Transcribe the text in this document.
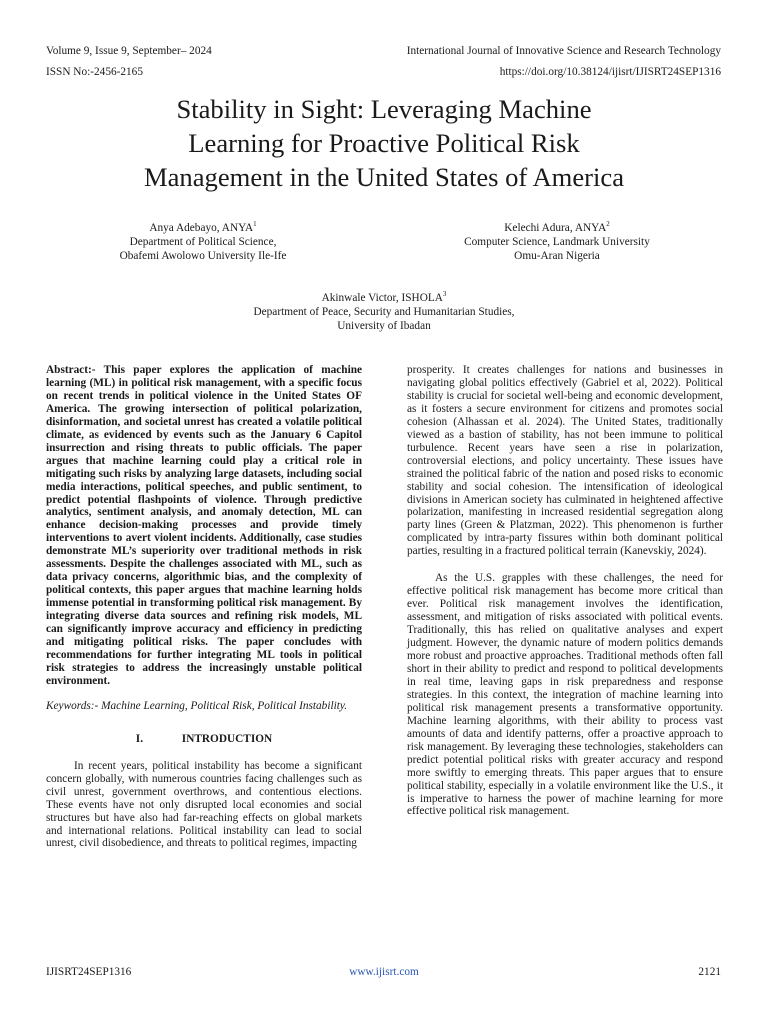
Volume 9, Issue 9, September– 2024	International Journal of Innovative Science and Research Technology
ISSN No:-2456-2165	https://doi.org/10.38124/ijisrt/IJISRT24SEP1316
Stability in Sight: Leveraging Machine
Learning for Proactive Political Risk
Management in the United States of America
Anya Adebayo, ANYA$^1$
Department of Political Science,
Obafemi Awolowo University Ile-Ife
Kelechi Adura, ANYA$^2$
Computer Science, Landmark University
Omu-Aran Nigeria
Akinwale Victor, ISHOLA$^3$
Department of Peace, Security and Humanitarian Studies,
University of Ibadan

Abstract:- This paper explores the application of machine learning (ML) in political risk management, with a specific focus on recent trends in political violence in the United States OF America. The growing intersection of political polarization, disinformation, and societal unrest has created a volatile political climate, as evidenced by events such as the January 6 Capitol insurrection and rising threats to public officials. The paper argues that machine learning could play a critical role in mitigating such risks by analyzing large datasets, including social media interactions, political speeches, and public sentiment, to predict potential flashpoints of violence. Through predictive analytics, sentiment analysis, and anomaly detection, ML can enhance decision-making processes and provide timely interventions to avert violent incidents. Additionally, case studies demonstrate ML’s superiority over traditional methods in risk assessments. Despite the challenges associated with ML, such as data privacy concerns, algorithmic bias, and the complexity of political contexts, this paper argues that machine learning holds immense potential in transforming political risk management. By integrating diverse data sources and refining risk models, ML can significantly improve accuracy and efficiency in predicting and mitigating political risks. The paper concludes with recommendations for further integrating ML tools in political risk strategies to address the increasingly unstable political environment.

Keywords:- Machine Learning, Political Risk, Political Instability.

I.	INTRODUCTION

In recent years, political instability has become a significant concern globally, with numerous countries facing challenges such as civil unrest, government overthrows, and contentious elections. These events have not only disrupted local economies and social structures but have also had far-reaching effects on global markets and international relations. Political instability can lead to social unrest, civil disobedience, and threats to political regimes, impacting

prosperity. It creates challenges for nations and businesses in navigating global politics effectively (Gabriel et al, 2022). Political stability is crucial for societal well-being and economic development, as it fosters a secure environment for citizens and promotes social cohesion (Alhassan et al. 2024). The United States, traditionally viewed as a bastion of stability, has not been immune to political turbulence. Recent years have seen a rise in polarization, controversial elections, and policy uncertainty. These issues have strained the political fabric of the nation and posed risks to economic stability and social cohesion. The intensification of ideological divisions in American society has culminated in heightened affective polarization, manifesting in increased residential segregation along party lines (Green & Platzman, 2022). This phenomenon is further complicated by intra-party fissures within both dominant political parties, resulting in a fractured political terrain (Kanevskiy, 2024).

As the U.S. grapples with these challenges, the need for effective political risk management has become more critical than ever. Political risk management involves the identification, assessment, and mitigation of risks associated with political events. Traditionally, this has relied on qualitative analyses and expert judgment. However, the dynamic nature of modern politics demands more robust and proactive approaches. Traditional methods often fall short in their ability to predict and respond to political developments in real time, leaving gaps in risk preparedness and response strategies. In this context, the integration of machine learning into political risk management presents a transformative opportunity. Machine learning algorithms, with their ability to process vast amounts of data and identify patterns, offer a proactive approach to risk management. By leveraging these technologies, stakeholders can predict potential political risks with greater accuracy and respond more swiftly to emerging threats. This paper argues that to ensure political stability, especially in a volatile environment like the U.S., it is imperative to harness the power of machine learning for more effective political risk management.

IJISRT24SEP1316	www.ijisrt.com	2121
